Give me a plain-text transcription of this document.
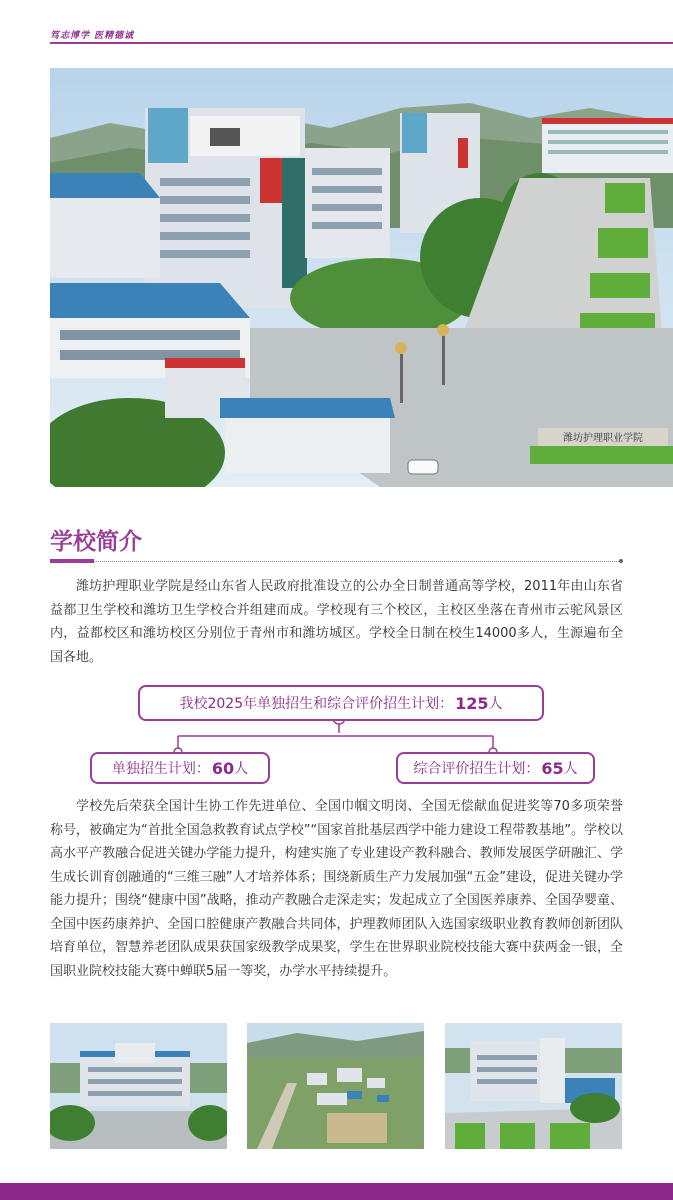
笃志博学 医精德诚
潍坊护理职业学院
学校简介
潍坊护理职业学院是经山东省人民政府批准设立的公办全日制普通高等学校，2011年由山东省益都卫生学校和潍坊卫生学校合并组建而成。学校现有三个校区，主校区坐落在青州市云驼风景区内，益都校区和潍坊校区分别位于青州市和潍坊城区。学校全日制在校生14000多人，生源遍布全国各地。
我校2025年单独招生和综合评价招生计划： 125 人
单独招生计划： 60 人	综合评价招生计划： 65 人
学校先后荣获全国计生协工作先进单位、全国巾帼文明岗、全国无偿献血促进奖等70多项荣誉称号，被确定为“首批全国急救教育试点学校”“国家首批基层西学中能力建设工程带教基地”。学校以高水平产教融合促进关键办学能力提升，构建实施了专业建设产教科融合、教师发展医学研融汇、学生成长训育创融通的“三维三融”人才培养体系；围绕新质生产力发展加强“五金”建设，促进关键办学能力提升；围绕“健康中国”战略，推动产教融合走深走实；发起成立了全国医养康养、全国孕婴童、全国中医药康养护、全国口腔健康产教融合共同体，护理教师团队入选国家级职业教育教师创新团队培育单位，智慧养老团队成果获国家级教学成果奖，学生在世界职业院校技能大赛中获两金一银，全国职业院校技能大赛中蝉联5届一等奖，办学水平持续提升。
